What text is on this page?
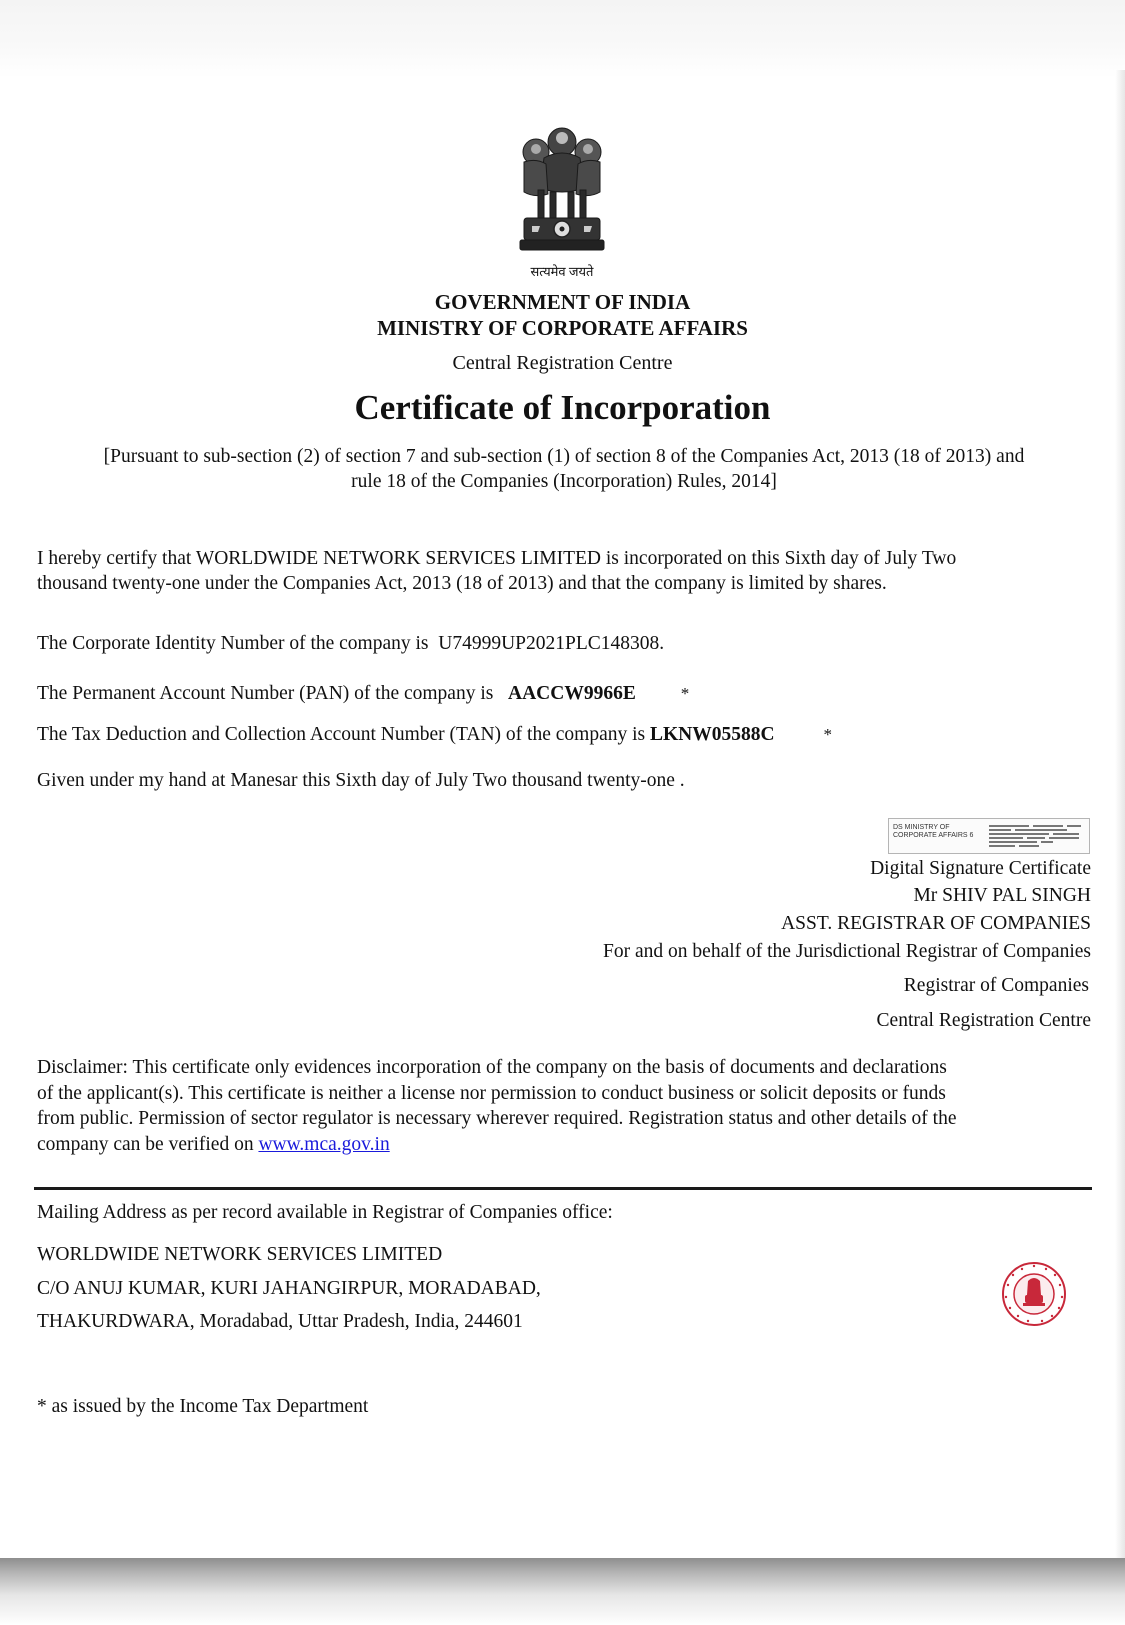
सत्यमेव जयते

GOVERNMENT OF INDIA

MINISTRY OF CORPORATE AFFAIRS

Central Registration Centre

Certificate of Incorporation

[Pursuant to sub-section (2) of section 7 and sub-section (1) of section 8 of the Companies Act, 2013 (18 of 2013) and
rule 18 of the Companies (Incorporation) Rules, 2014]
I hereby certify that WORLDWIDE NETWORK SERVICES LIMITED is incorporated on this Sixth day of July Two
thousand twenty-one under the Companies Act, 2013 (18 of 2013) and that the company is limited by shares.

The Corporate Identity Number of the company is U74999UP2021PLC148308.

The Permanent Account Number (PAN) of the company is AACCW9966E	*

The Tax Deduction and Collection Account Number (TAN) of the company is LKNW05588C	*

Given under my hand at Manesar this Sixth day of July Two thousand twenty-one .

DS MINISTRY OF CORPORATE AFFAIRS 6

Digital Signature Certificate

Mr SHIV PAL SINGH

ASST. REGISTRAR OF COMPANIES

For and on behalf of the Jurisdictional Registrar of Companies

Registrar of Companies

Central Registration Centre

Disclaimer: This certificate only evidences incorporation of the company on the basis of documents and declarations
of the applicant(s). This certificate is neither a license nor permission to conduct business or solicit deposits or funds
from public. Permission of sector regulator is necessary wherever required. Registration status and other details of the
company can be verified on www.mca.gov.in

Mailing Address as per record available in Registrar of Companies office:

WORLDWIDE NETWORK SERVICES LIMITED

C/O ANUJ KUMAR, KURI JAHANGIRPUR, MORADABAD,

THAKURDWARA, Moradabad, Uttar Pradesh, India, 244601

* as issued by the Income Tax Department
